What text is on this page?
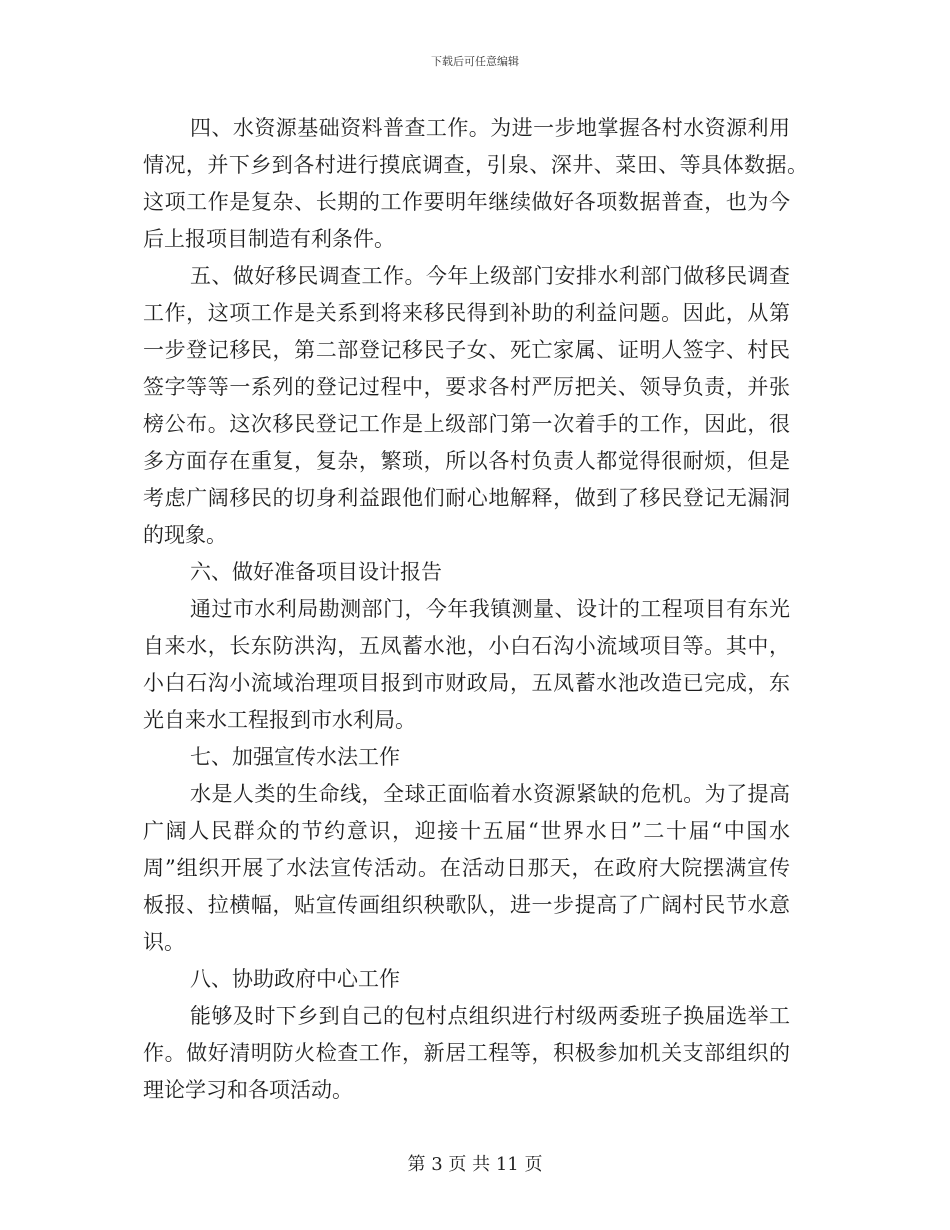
下载后可任意编辑
四、水资源基础资料普查工作。为进一步地掌握各村水资源利用
情况，并下乡到各村进行摸底调查，引泉、深井、菜田、等具体数据。
这项工作是复杂、长期的工作要明年继续做好各项数据普查，也为今
后上报项目制造有利条件。
五、做好移民调查工作。今年上级部门安排水利部门做移民调查
工作，这项工作是关系到将来移民得到补助的利益问题。因此，从第
一步登记移民，第二部登记移民子女、死亡家属、证明人签字、村民
签字等等一系列的登记过程中，要求各村严厉把关、领导负责，并张
榜公布。这次移民登记工作是上级部门第一次着手的工作，因此，很
多方面存在重复，复杂，繁琐，所以各村负责人都觉得很耐烦，但是
考虑广阔移民的切身利益跟他们耐心地解释，做到了移民登记无漏洞
的现象。
六、做好准备项目设计报告
通过市水利局勘测部门，今年我镇测量、设计的工程项目有东光
自来水，长东防洪沟，五凤蓄水池，小白石沟小流域项目等。其中，
小白石沟小流域治理项目报到市财政局，五凤蓄水池改造已完成，东
光自来水工程报到市水利局。
七、加强宣传水法工作
水是人类的生命线，全球正面临着水资源紧缺的危机。为了提高
广阔人民群众的节约意识，迎接十五届“世界水日”二十届“中国水
周”组织开展了水法宣传活动。在活动日那天，在政府大院摆满宣传
板报、拉横幅，贴宣传画组织秧歌队，进一步提高了广阔村民节水意
识。
八、协助政府中心工作
能够及时下乡到自己的包村点组织进行村级两委班子换届选举工
作。做好清明防火检查工作，新居工程等，积极参加机关支部组织的
理论学习和各项活动。
第 3 页 共 11 页
